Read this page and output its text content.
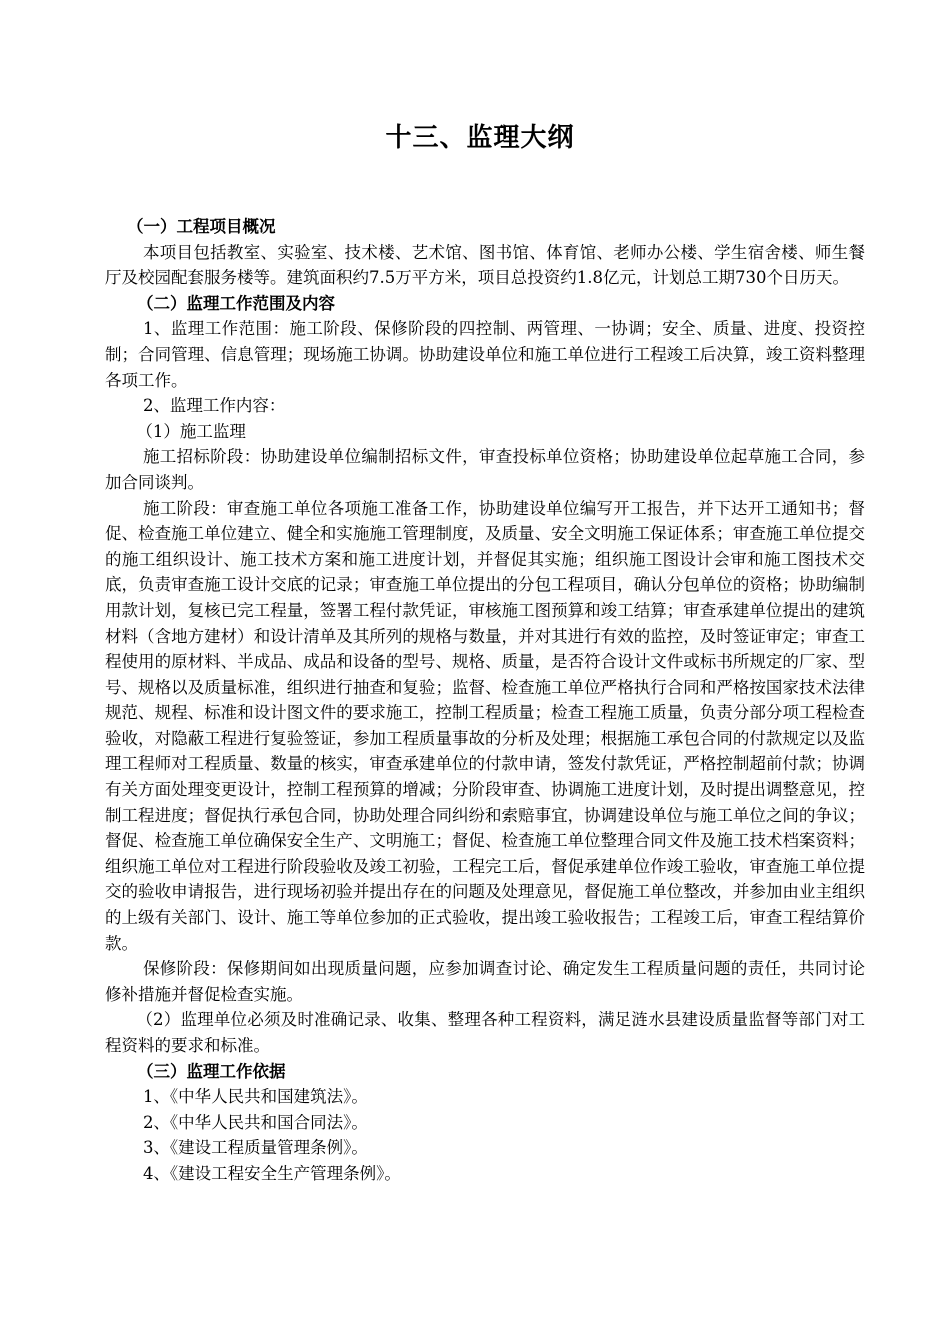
十三、监理大纲

（一）工程项目概况

本项目包括教室、实验室、技术楼、艺术馆、图书馆、体育馆、老师办公楼、学生宿舍楼、师生餐厅及校园配套服务楼等。建筑面积约7.5万平方米，项目总投资约1.8亿元，计划总工期730个日历天。

（二）监理工作范围及内容

1、监理工作范围：施工阶段、保修阶段的四控制、两管理、一协调；安全、质量、进度、投资控制；合同管理、信息管理；现场施工协调。协助建设单位和施工单位进行工程竣工后决算，竣工资料整理各项工作。

2、监理工作内容：

（1）施工监理

施工招标阶段：协助建设单位编制招标文件，审查投标单位资格；协助建设单位起草施工合同，参加合同谈判。

施工阶段：审查施工单位各项施工准备工作，协助建设单位编写开工报告，并下达开工通知书；督促、检查施工单位建立、健全和实施施工管理制度，及质量、安全文明施工保证体系；审查施工单位提交的施工组织设计、施工技术方案和施工进度计划，并督促其实施；组织施工图设计会审和施工图技术交底，负责审查施工设计交底的记录；审查施工单位提出的分包工程项目，确认分包单位的资格；协助编制用款计划，复核已完工程量，签署工程付款凭证，审核施工图预算和竣工结算；审查承建单位提出的建筑材料（含地方建材）和设计清单及其所列的规格与数量，并对其进行有效的监控，及时签证审定；审查工程使用的原材料、半成品、成品和设备的型号、规格、质量，是否符合设计文件或标书所规定的厂家、型号、规格以及质量标准，组织进行抽查和复验；监督、检查施工单位严格执行合同和严格按国家技术法律规范、规程、标准和设计图文件的要求施工，控制工程质量；检查工程施工质量，负责分部分项工程检查验收，对隐蔽工程进行复验签证，参加工程质量事故的分析及处理；根据施工承包合同的付款规定以及监理工程师对工程质量、数量的核实，审查承建单位的付款申请，签发付款凭证，严格控制超前付款；协调有关方面处理变更设计，控制工程预算的增减；分阶段审查、协调施工进度计划，及时提出调整意见，控制工程进度；督促执行承包合同，协助处理合同纠纷和索赔事宜，协调建设单位与施工单位之间的争议；督促、检查施工单位确保安全生产、文明施工；督促、检查施工单位整理合同文件及施工技术档案资料；组织施工单位对工程进行阶段验收及竣工初验，工程完工后，督促承建单位作竣工验收，审查施工单位提交的验收申请报告，进行现场初验并提出存在的问题及处理意见，督促施工单位整改，并参加由业主组织的上级有关部门、设计、施工等单位参加的正式验收，提出竣工验收报告；工程竣工后，审查工程结算价款。

保修阶段：保修期间如出现质量问题，应参加调查讨论、确定发生工程质量问题的责任，共同讨论修补措施并督促检查实施。

（2）监理单位必须及时准确记录、收集、整理各种工程资料，满足涟水县建设质量监督等部门对工程资料的要求和标准。

（三）监理工作依据

1、《中华人民共和国建筑法》。

2、《中华人民共和国合同法》。

3、《建设工程质量管理条例》。

4、《建设工程安全生产管理条例》。
